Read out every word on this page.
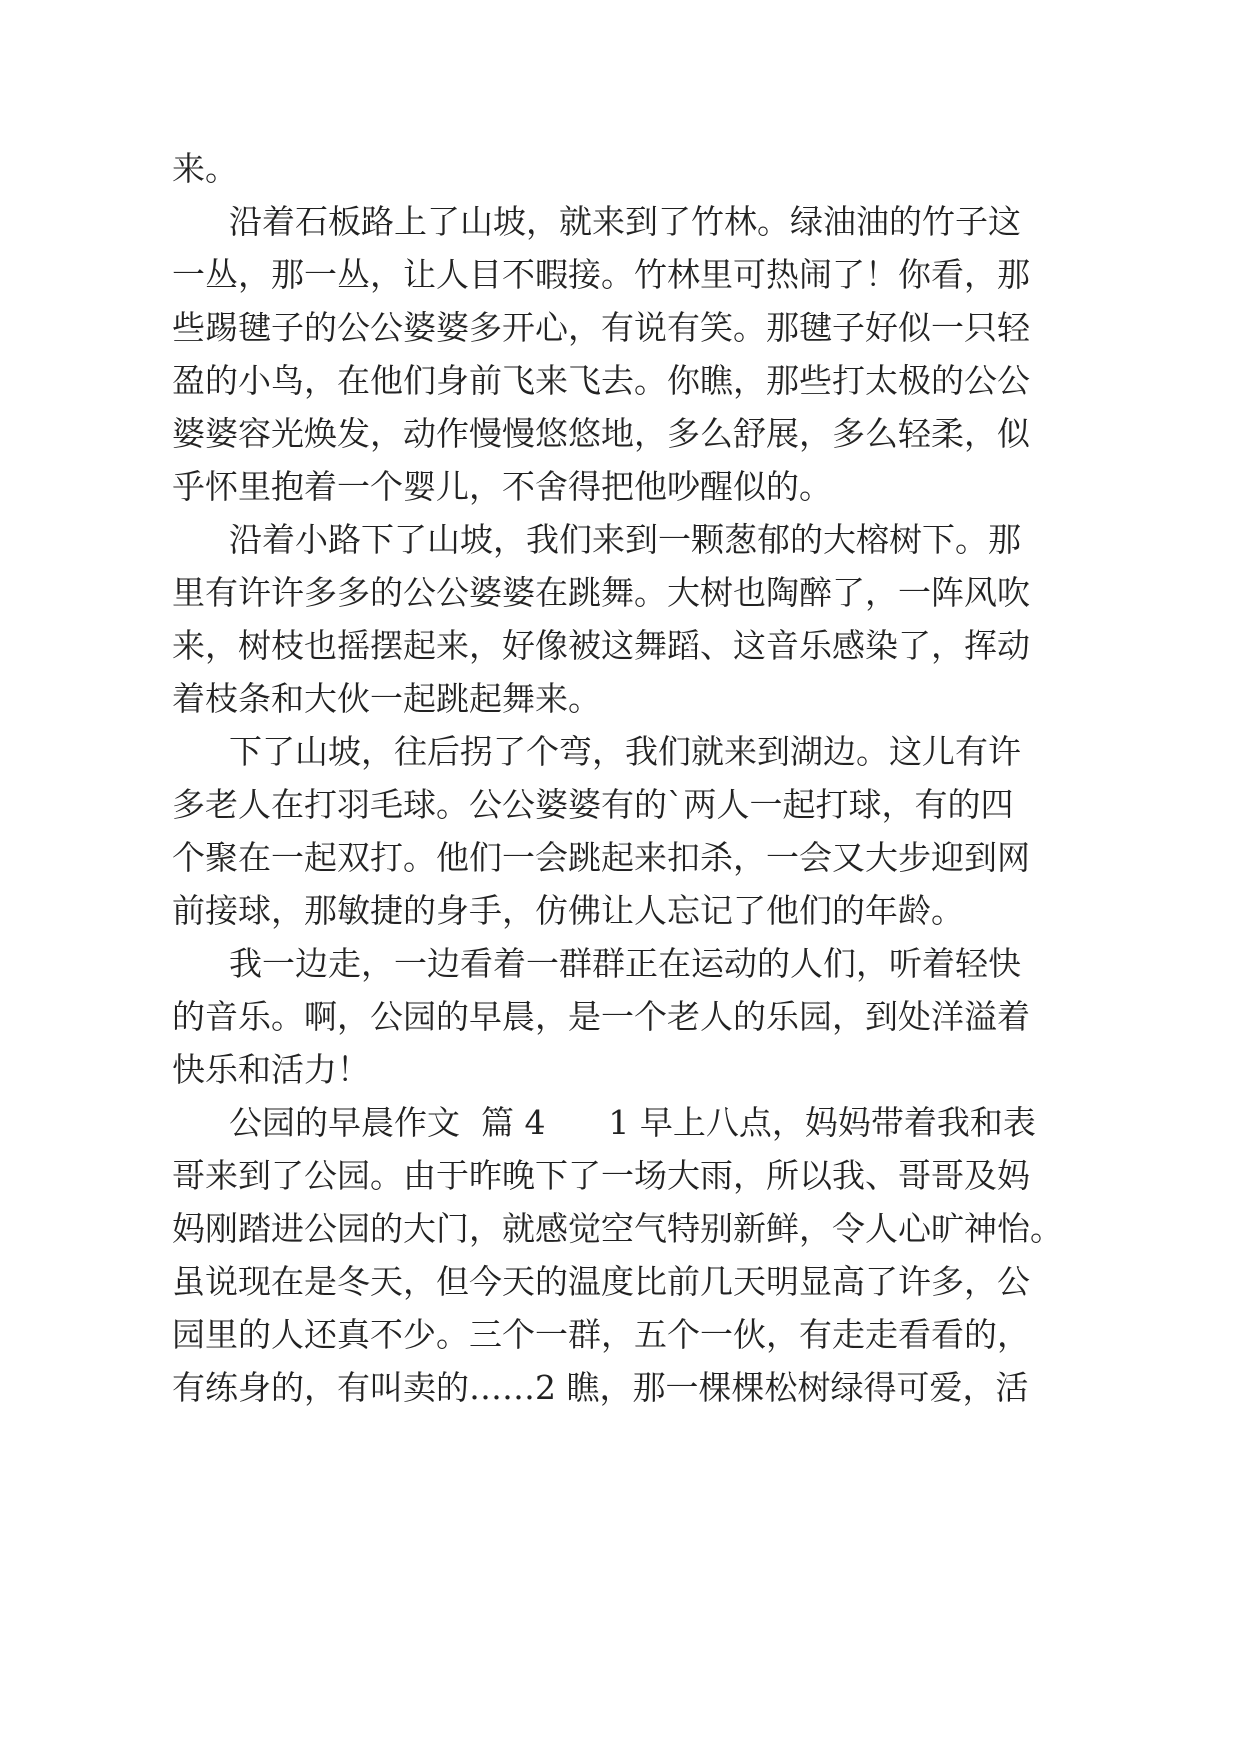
来。
沿着石板路上了山坡，就来到了竹林。绿油油的竹子这
一丛，那一丛，让人目不暇接。竹林里可热闹了！你看，那
些踢毽子的公公婆婆多开心，有说有笑。那毽子好似一只轻
盈的小鸟，在他们身前飞来飞去。你瞧，那些打太极的公公
婆婆容光焕发，动作慢慢悠悠地，多么舒展，多么轻柔，似
乎怀里抱着一个婴儿，不舍得把他吵醒似的。
沿着小路下了山坡，我们来到一颗葱郁的大榕树下。那
里有许许多多的公公婆婆在跳舞。大树也陶醉了，一阵风吹
来，树枝也摇摆起来，好像被这舞蹈、这音乐感染了，挥动
着枝条和大伙一起跳起舞来。
下了山坡，往后拐了个弯，我们就来到湖边。这儿有许
多老人在打羽毛球。公公婆婆有的`两人一起打球，有的四
个聚在一起双打。他们一会跳起来扣杀，一会又大步迎到网
前接球，那敏捷的身手，仿佛让人忘记了他们的年龄。
我一边走，一边看着一群群正在运动的人们，听着轻快
的音乐。啊，公园的早晨，是一个老人的乐园，到处洋溢着
快乐和活力！
公园的早晨作文  篇 4      1 早上八点，妈妈带着我和表
哥来到了公园。由于昨晚下了一场大雨，所以我、哥哥及妈
妈刚踏进公园的大门，就感觉空气特别新鲜，令人心旷神怡。
虽说现在是冬天，但今天的温度比前几天明显高了许多，公
园里的人还真不少。三个一群，五个一伙，有走走看看的，
有练身的，有叫卖的……2 瞧，那一棵棵松树绿得可爱，活
